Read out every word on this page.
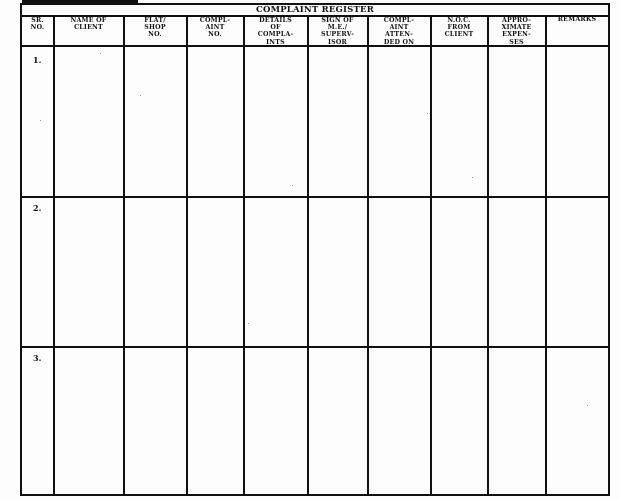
COMPLAINT REGISTER
SR.
NO.
NAME OF
CLIENT
FLAT/
SHOP
NO.
COMPL-
AINT
NO.
DETAILS
OF
COMPLA-
INTS
SIGN OF
M.E./
SUPERV-
ISOR
COMPL-
AINT
ATTEN-
DED ON
N.O.C.
FROM
CLIENT
APPRO-
XIMATE
EXPEN-
SES
REMARKS
1.
2.
3.
